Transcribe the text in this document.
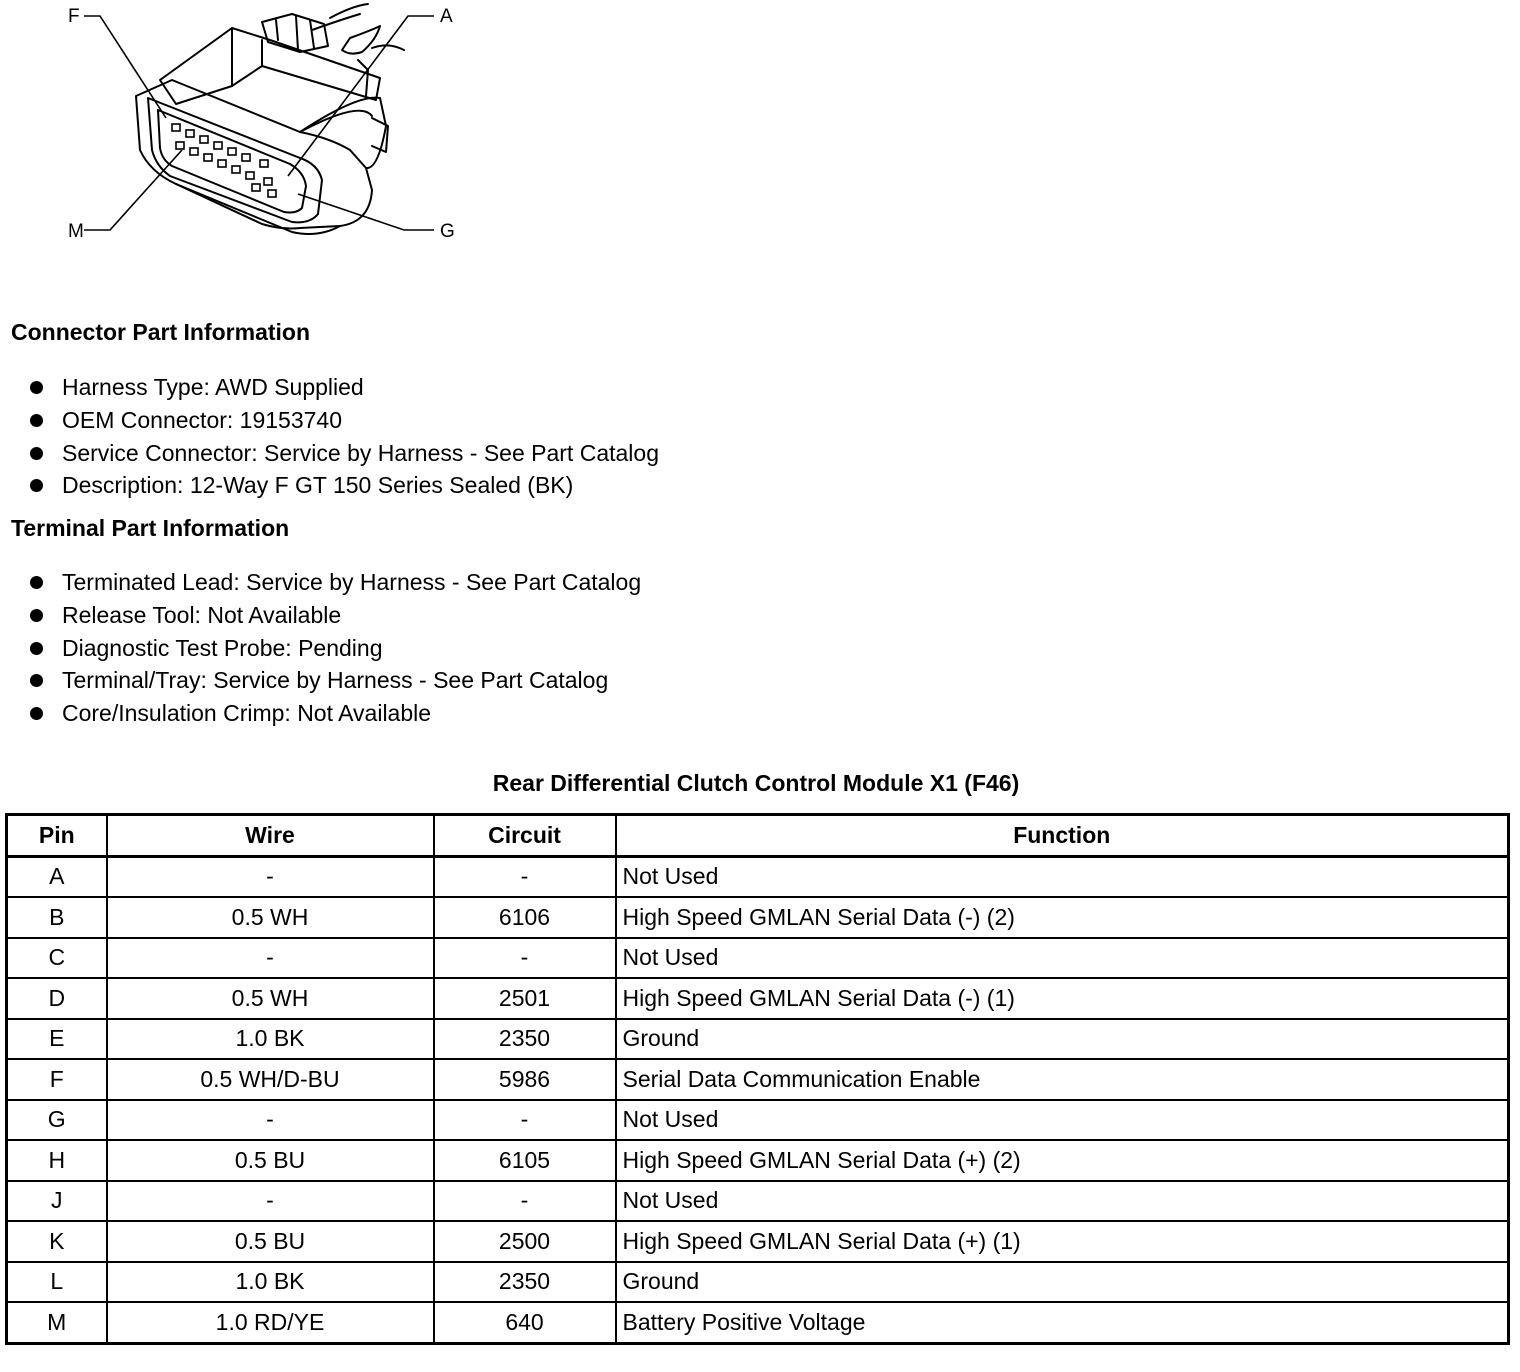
F	A
M	G
Connector Part Information
Harness Type: AWD Supplied
OEM Connector: 19153740
Service Connector: Service by Harness - See Part Catalog
Description: 12-Way F GT 150 Series Sealed (BK)
Terminal Part Information
Terminated Lead: Service by Harness - See Part Catalog
Release Tool: Not Available
Diagnostic Test Probe: Pending
Terminal/Tray: Service by Harness - See Part Catalog
Core/Insulation Crimp: Not Available
Rear Differential Clutch Control Module X1 (F46)
Pin	Wire	Circuit	Function
A	-	-	Not Used
B	0.5 WH	6106	High Speed GMLAN Serial Data (-) (2)
C	-	-	Not Used
D	0.5 WH	2501	High Speed GMLAN Serial Data (-) (1)
E	1.0 BK	2350	Ground
F	0.5 WH/D-BU	5986	Serial Data Communication Enable
G	-	-	Not Used
H	0.5 BU	6105	High Speed GMLAN Serial Data (+) (2)
J	-	-	Not Used
K	0.5 BU	2500	High Speed GMLAN Serial Data (+) (1)
L	1.0 BK	2350	Ground
M	1.0 RD/YE	640	Battery Positive Voltage
